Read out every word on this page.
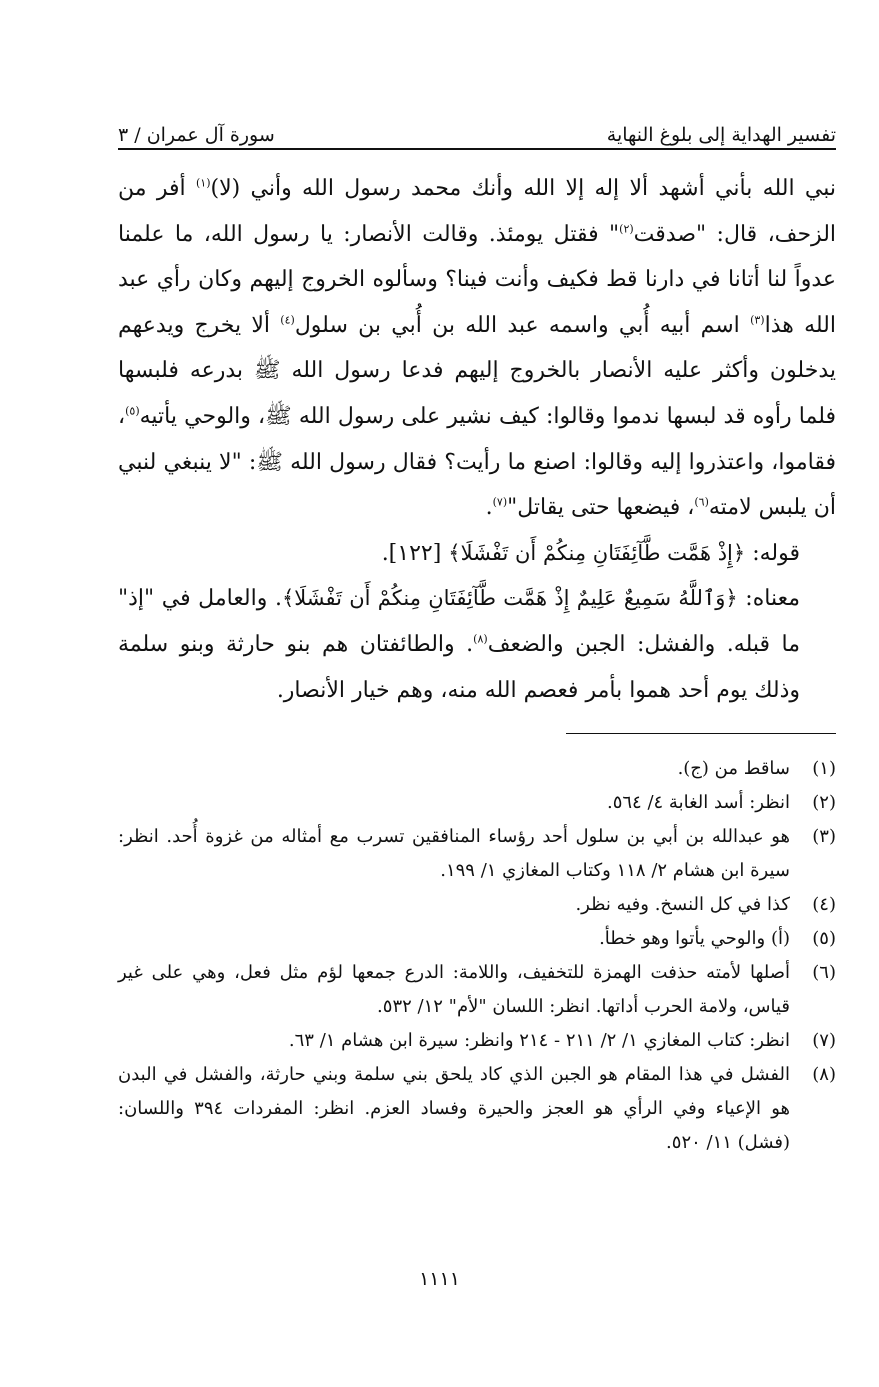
تفسير الهداية إلى بلوغ النهاية
سورة آل عمران / ٣

نبي الله بأني أشهد ألا إله إلا الله وأنك محمد رسول الله وأني (لا)$^{(١)}$ أفر من الزحف، قال: "صدقت$^{(٢)}$" فقتل يومئذ. وقالت الأنصار: يا رسول الله، ما علمنا عدواً لنا أتانا في دارنا قط فكيف وأنت فينا؟ وسألوه الخروج إليهم وكان رأي عبد الله هذا$^{(٣)}$ اسم أبيه أُبي واسمه عبد الله بن أُبي بن سلول$^{(٤)}$ ألا يخرج ويدعهم يدخلون وأكثر عليه الأنصار بالخروج إليهم فدعا رسول الله ﷺ بدرعه فلبسها فلما رأوه قد لبسها ندموا وقالوا: كيف نشير على رسول الله ﷺ، والوحي يأتيه$^{(٥)}$، فقاموا، واعتذروا إليه وقالوا: اصنع ما رأيت؟ فقال رسول الله ﷺ: "لا ينبغي لنبي أن يلبس لامته$^{(٦)}$، فيضعها حتى يقاتل"$^{(٧)}$.

قوله: ﴿إِذْ هَمَّت طَّآئِفَتَانِ مِنكُمْ أَن تَفْشَلَا﴾ [١٢٢].

معناه: ﴿وَٱللَّهُ سَمِيعٌ عَلِيمٌ إِذْ هَمَّت طَّآئِفَتَانِ مِنكُمْ أَن تَفْشَلَا﴾. والعامل في "إذ" ما قبله. والفشل: الجبن والضعف$^{(٨)}$. والطائفتان هم بنو حارثة وبنو سلمة وذلك يوم أحد هموا بأمر فعصم الله منه، وهم خيار الأنصار.

(١)
ساقط من (ج).
(٢)
انظر: أسد الغابة ٤/ ٥٦٤.
(٣)
هو عبدالله بن أبي بن سلول أحد رؤساء المنافقين تسرب مع أمثاله من غزوة أُحد. انظر: سيرة ابن هشام ٢/ ١١٨ وكتاب المغازي ١/ ١٩٩.
(٤)
كذا في كل النسخ. وفيه نظر.
(٥)
(أ) والوحي يأتوا وهو خطأ.
(٦)
أصلها لأمته حذفت الهمزة للتخفيف، واللامة: الدرع جمعها لؤم مثل فعل، وهي على غير قياس، ولامة الحرب أداتها. انظر: اللسان "لأم" ١٢/ ٥٣٢.
(٧)
انظر: كتاب المغازي ١/ ٢/ ٢١١ - ٢١٤ وانظر: سيرة ابن هشام ١/ ٦٣.
(٨)
الفشل في هذا المقام هو الجبن الذي كاد يلحق بني سلمة وبني حارثة، والفشل في البدن هو الإعياء وفي الرأي هو العجز والحيرة وفساد العزم. انظر: المفردات ٣٩٤ واللسان: (فشل) ١١/ ٥٢٠.
١١١١
